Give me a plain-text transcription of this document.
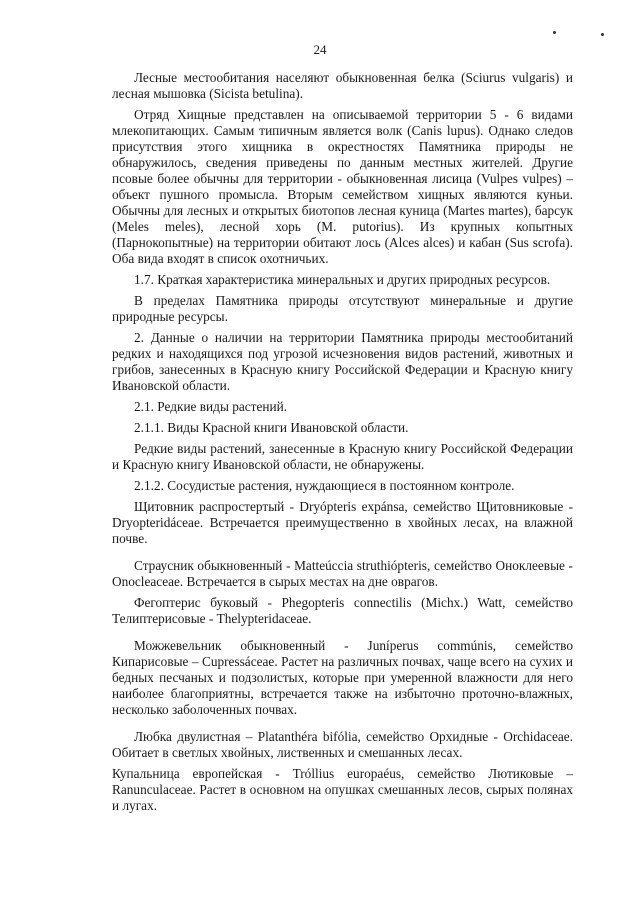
24

Лесные местообитания населяют обыкновенная белка (Sciurus vulgaris) и лесная мышовка (Sicista betulina).

Отряд Хищные представлен на описываемой территории 5 - 6 видами млекопитающих. Самым типичным является волк (Canis lupus). Однако следов присутствия этого хищника в окрестностях Памятника природы не обнаружилось, сведения приведены по данным местных жителей. Другие псовые более обычны для территории - обыкновенная лисица (Vulpes vulpes) – объект пушного промысла. Вторым семейством хищных являются куньи. Обычны для лесных и открытых биотопов лесная куница (Martes martes), барсук (Meles meles), лесной хорь (M. putorius). Из крупных копытных (Парнокопытные) на территории обитают лось (Alces alces) и кабан (Sus scrofa). Оба вида входят в список охотничьих.

1.7. Краткая характеристика минеральных и других природных ресурсов.

В пределах Памятника природы отсутствуют минеральные и другие природные ресурсы.

2. Данные о наличии на территории Памятника природы местообитаний редких и находящихся под угрозой исчезновения видов растений, животных и грибов, занесенных в Красную книгу Российской Федерации и Красную книгу Ивановской области.

2.1. Редкие виды растений.

2.1.1. Виды Красной книги Ивановской области.

Редкие виды растений, занесенные в Красную книгу Российской Федерации и Красную книгу Ивановской области, не обнаружены.

2.1.2. Сосудистые растения, нуждающиеся в постоянном контроле.

Щитовник распростертый - Dryópteris expánsa, семейство Щитовниковые - Dryopteridáceae. Встречается преимущественно в хвойных лесах, на влажной почве.

Страусник обыкновенный - Matteúccia struthiópteris, семейство Оноклеевые - Onocleaceae. Встречается в сырых местах на дне оврагов.

Фегоптерис буковый - Phegopteris connectilis (Michx.) Watt, семейство Телиптерисовые - Thelypteridaceae.

Можжевельник обыкновенный - Juníperus commúnis, семейство Кипарисовые – Cupressáceae. Растет на различных почвах, чаще всего на сухих и бедных песчаных и подзолистых, которые при умеренной влажности для него наиболее благоприятны, встречается также на избыточно проточно-влажных, несколько заболоченных почвах.

Любка двулистная – Platanthéra bifólia, семейство Орхидные - Orchidaceae. Обитает в светлых хвойных, лиственных и смешанных лесах.

Купальница европейская - Tróllius europaéus, семейство Лютиковые – Ranunculaceae. Растет в основном на опушках смешанных лесов, сырых полянах и лугах.
